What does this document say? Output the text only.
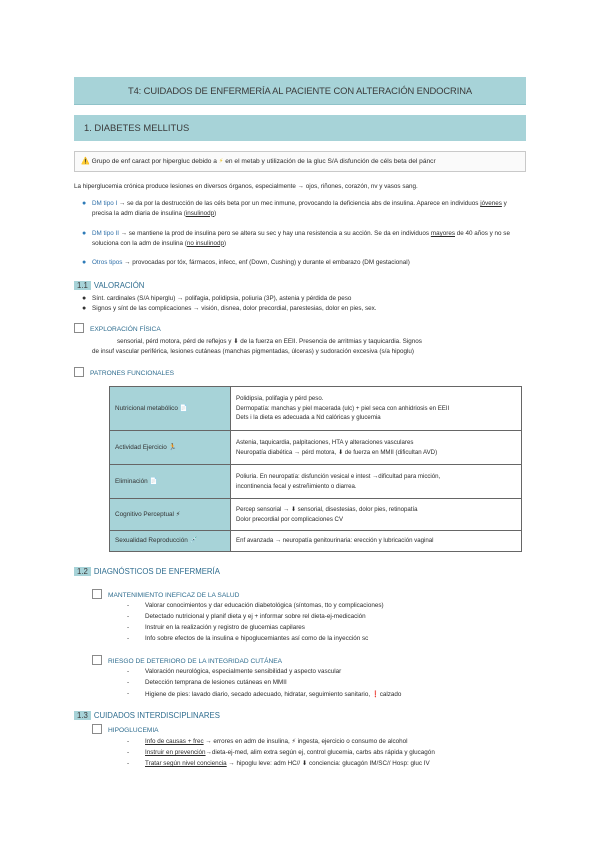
T4: CUIDADOS DE ENFERMERÍA AL PACIENTE CON ALTERACIÓN ENDOCRINA
1. DIABETES MELLITUS
⚠️ Grupo de enf caract por hipergluc debido a ⚡ en el metab y utilización de la gluc S/A disfunción de céls beta del páncr
La hiperglucemia crónica produce lesiones en diversos órganos, especialmente → ojos, riñones, corazón, nv y vasos sang.
● DM tipo I → se da por la destrucción de las céls beta por un mec inmune, provocando la deficiencia abs de insulina. Aparece en individuos jóvenes y precisa la adm diaria de insulina (insulinodp)
● DM tipo II → se mantiene la prod de insulina pero se altera su sec y hay una resistencia a su acción. Se da en individuos mayores de 40 años y no se soluciona con la adm de insulina (no insulinodp)
● Otros tipos → provocadas por tóx, fármacos, infecc, enf (Down, Cushing) y durante el embarazo (DM gestacional)
1.1 VALORACIÓN
● Sínt. cardinales (S/A hiperglu) → polifagia, polidipsia, poliuria (3P), astenia y pérdida de peso
● Signos y sínt de las complicaciones → visión, disnea, dolor precordial, parestesias, dolor en pies, sex.
EXPLORACIÓN FÍSICA
sensorial, pérd motora, pérd de reflejos y ⬇ de la fuerza en EEII. Presencia de arritmias y taquicardia. Signos
de insuf vascular periférica, lesiones cutáneas (manchas pigmentadas, úlceras) y sudoración excesiva (s/a hipoglu)
PATRONES FUNCIONALES
Nutricional metabólico 📄	Polidipsia, polifagia y pérd peso.
Dermopatía: manchas y piel macerada (ulc) + piel seca con anhidriosis en EEII
Dets i la dieta es adecuada a Nd calóricas y glucemia

Actividad Ejercicio 🏃	Astenia, taquicardia, palpitaciones, HTA y alteraciones vasculares
Neuropatía diabética → pérd motora, ⬇ de fuerza en MMII (dificultan AVD)

Eliminación 📄	Poliuria. En neuropatía: disfunción vesical e intest →dificultad para micción,
incontinencia fecal y estreñimiento o diarrea.

Cognitivo Perceptual ⚡	Percep sensorial → ⬇ sensorial, disestesias, dolor pies, retinopatía
Dolor precordial por complicaciones CV

Sexualidad Reproducción 💉	Enf avanzada → neuropatía genitourinaria: erección y lubricación vaginal
1.2 DIAGNÓSTICOS DE ENFERMERÍA
MANTENIMIENTO INEFICAZ DE LA SALUD
-	Valorar conocimientos y dar educación diabetológica (síntomas, tto y complicaciones)
-	Detectado nutricional y planif dieta y ej + informar sobre rel dieta-ej-medicación
-	Instruir en la realización y registro de glucemias capilares
-	Info sobre efectos de la insulina e hipoglucemiantes así como de la inyección sc
RIESGO DE DETERIORO DE LA INTEGRIDAD CUTÁNEA
-	Valoración neurológica, especialmente sensibilidad y aspecto vascular
-	Detección temprana de lesiones cutáneas en MMII
-	Higiene de pies: lavado diario, secado adecuado, hidratar, seguimiento sanitario, ❗calzado
1.3 CUIDADOS INTERDISCIPLINARES
HIPOGLUCEMIA
-	Info de causas + frec → errores en adm de insulina, ⚡ ingesta, ejercicio o consumo de alcohol
-	Instruir en prevención→dieta-ej-med, alim extra según ej, control glucemia, carbs abs rápida y glucagón
-	Tratar según nivel conciencia → hipoglu leve: adm HC// ⬇ conciencia: glucagón IM/SC// Hosp: gluc IV
